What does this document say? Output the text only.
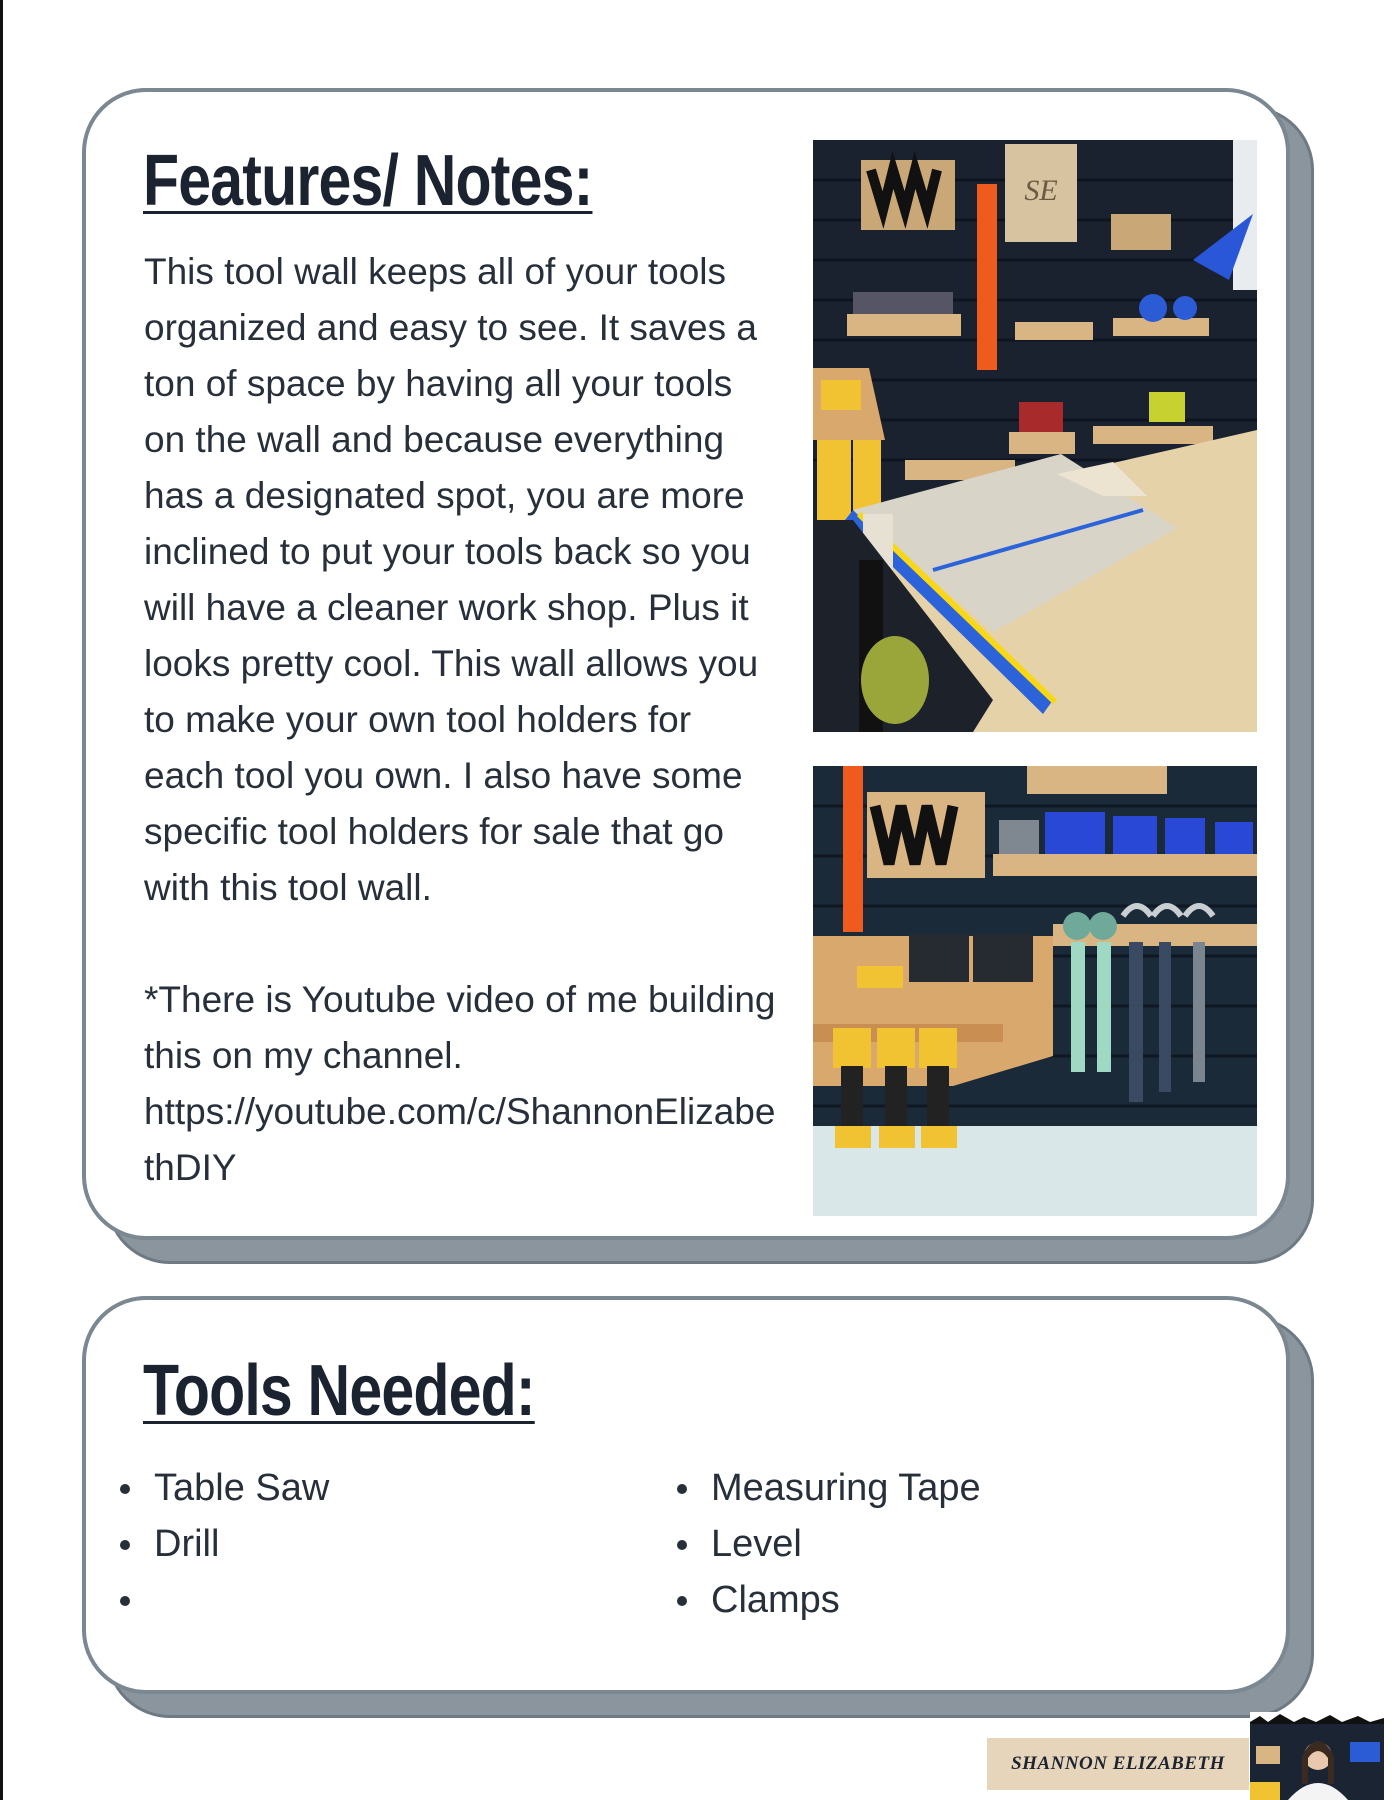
Features/ Notes:

This tool wall keeps all of your tools organized and easy to see. It saves a ton of space by having all your tools on the wall and because everything has a designated spot, you are more inclined to put your tools back so you will have a cleaner work shop. Plus it looks pretty cool. This wall allows you to make your own tool holders for each tool you own. I also have some specific tool holders for sale that go with this tool wall.

*There is Youtube video of me building this on my channel. https://youtube.com/c/ShannonElizabethDIY

SE
Tools Needed:
Table Saw
Drill
Measuring Tape
Level
Clamps
SHANNON ELIZABETH
